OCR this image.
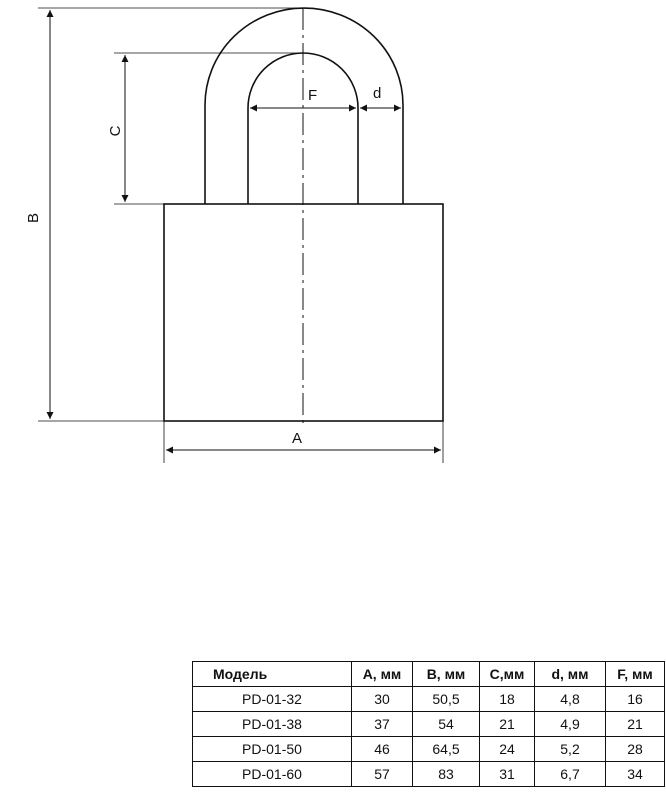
B
C
F	d
A
Модель	A, мм	B, мм	C,мм	d, мм	F, мм
PD-01-32	30	50,5	18	4,8	16
PD-01-38	37	54	21	4,9	21
PD-01-50	46	64,5	24	5,2	28
PD-01-60	57	83	31	6,7	34
